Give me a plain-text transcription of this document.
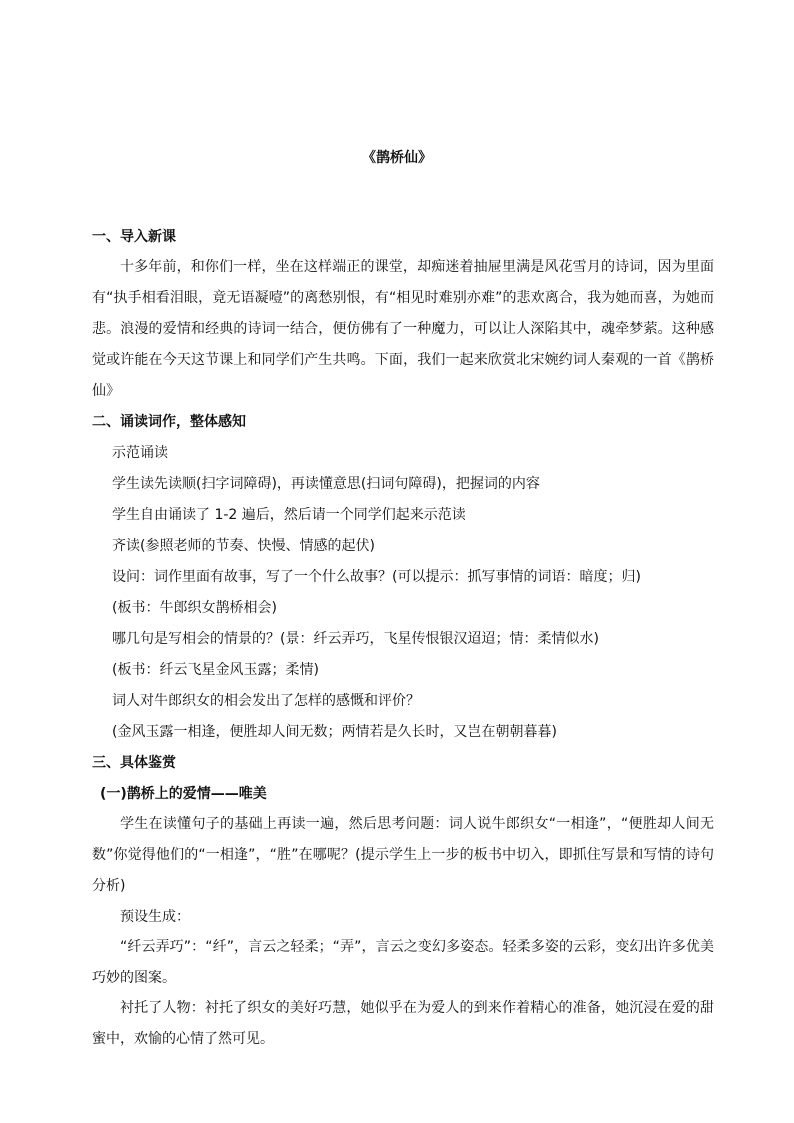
《鹊桥仙》
一、导入新课
十多年前，和你们一样，坐在这样端正的课堂，却痴迷着抽屉里满是风花雪月的诗词，因为里面有“执手相看泪眼，竟无语凝噎”的离愁别恨，有“相见时难别亦难”的悲欢离合，我为她而喜，为她而悲。浪漫的爱情和经典的诗词一结合，便仿佛有了一种魔力，可以让人深陷其中，魂牵梦萦。这种感觉或许能在今天这节课上和同学们产生共鸣。下面，我们一起来欣赏北宋婉约词人秦观的一首《鹊桥仙》
二、诵读词作，整体感知
示范诵读
学生读先读顺(扫字词障碍)，再读懂意思(扫词句障碍)，把握词的内容
学生自由诵读了 1-2 遍后，然后请一个同学们起来示范读
齐读(参照老师的节奏、快慢、情感的起伏)
设问：词作里面有故事，写了一个什么故事？(可以提示：抓写事情的词语：暗度；归)
(板书：牛郎织女鹊桥相会)
哪几句是写相会的情景的？(景：纤云弄巧，飞星传恨银汉迢迢；情：柔情似水)
(板书：纤云飞星金风玉露；柔情)
词人对牛郎织女的相会发出了怎样的感慨和评价？
(金风玉露一相逢，便胜却人间无数；两情若是久长时，又岂在朝朝暮暮)
三、具体鉴赏
(一)鹊桥上的爱情——唯美
学生在读懂句子的基础上再读一遍，然后思考问题：词人说牛郎织女“一相逢”，“便胜却人间无数”你觉得他们的“一相逢”，“胜”在哪呢？(提示学生上一步的板书中切入，即抓住写景和写情的诗句分析)
预设生成：
“纤云弄巧”：“纤”，言云之轻柔；“弄”，言云之变幻多姿态。轻柔多姿的云彩，变幻出许多优美巧妙的图案。
衬托了人物：衬托了织女的美好巧慧，她似乎在为爱人的到来作着精心的准备，她沉浸在爱的甜蜜中，欢愉的心情了然可见。
